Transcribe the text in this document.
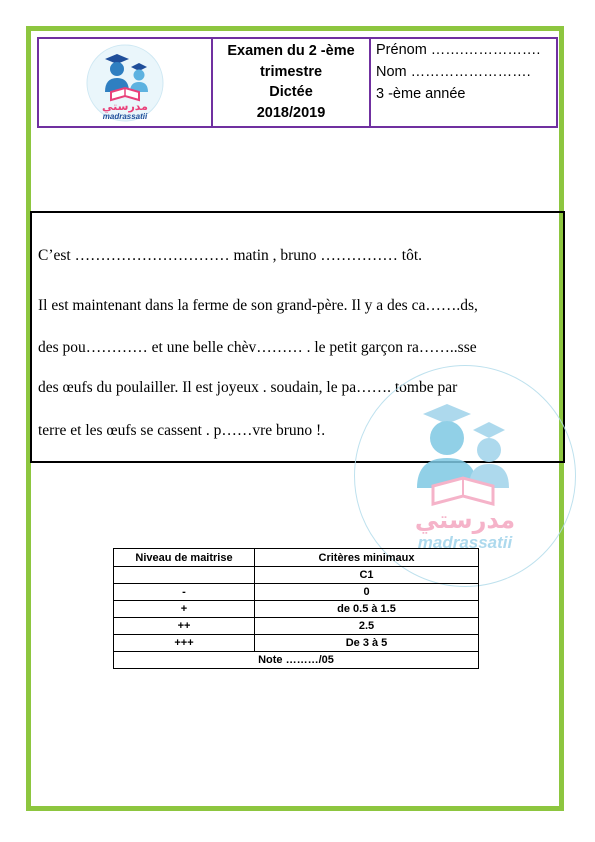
مدرستي
madrassatii
Examen du 2 -ème
trimestre
Dictée
2018/2019
Prénom …….…………….
Nom …………………….
3 -ème année
C’est ………………………… matin , bruno …………… tôt.
Il est maintenant dans la ferme de son grand-père. Il y a des ca…….ds,
des pou………… et une belle chèv……… . le petit garçon ra……..sse
des œufs du poulailler. Il est joyeux . soudain, le pa……. tombe par
terre et les œufs se cassent . p……vre bruno !.
مدرستي
madrassatii
Niveau de maitrise	Critères minimaux
	C1
-	0
+	de 0.5 à 1.5
++	2.5
+++	De 3 à 5
Note ………/05	
